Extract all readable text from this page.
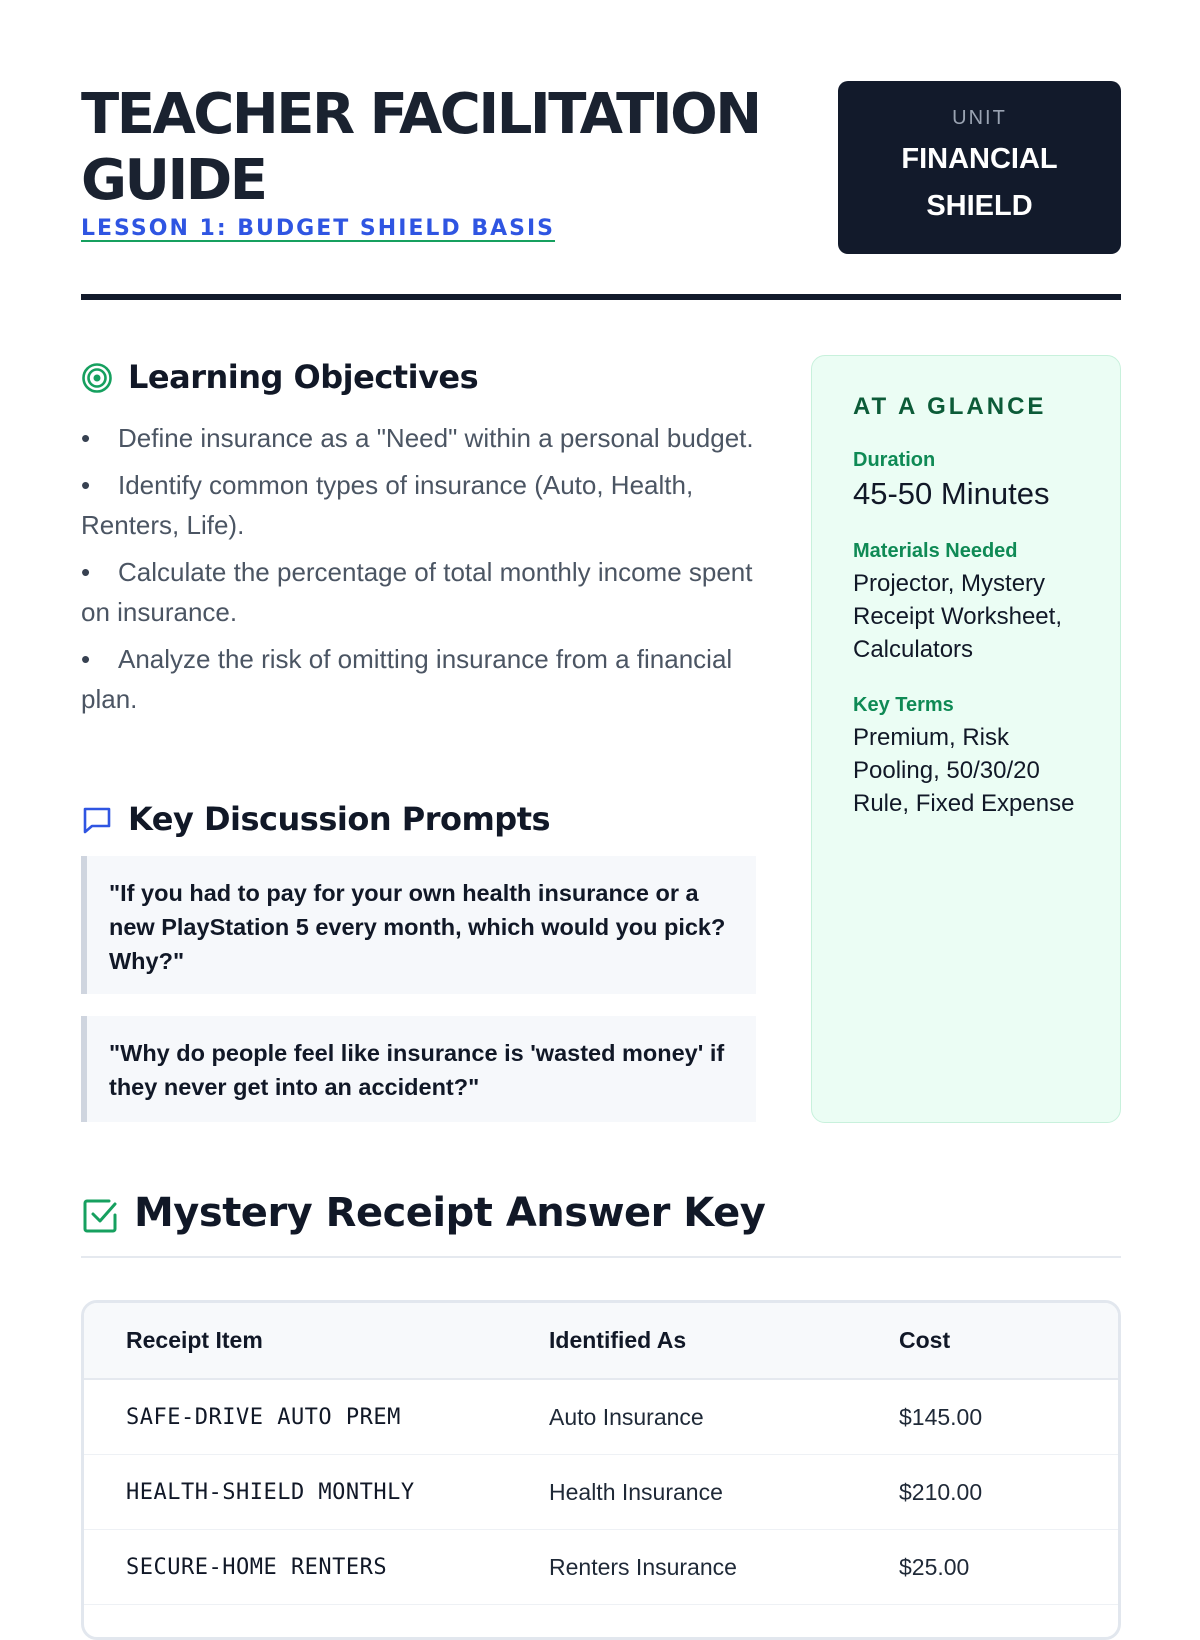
TEACHER FACILITATION
GUIDE
LESSON 1: BUDGET SHIELD BASIS
UNIT
FINANCIAL
SHIELD
Learning Objectives
• Define insurance as a "Need" within a personal budget.
• Identify common types of insurance (Auto, Health, Renters, Life).
• Calculate the percentage of total monthly income spent on insurance.
• Analyze the risk of omitting insurance from a financial plan.
Key Discussion Prompts
"If you had to pay for your own health insurance or a new PlayStation 5 every month, which would you pick? Why?"
"Why do people feel like insurance is 'wasted money' if they never get into an accident?"

AT A GLANCE

Duration

45-50 Minutes

Materials Needed

Projector, Mystery Receipt Worksheet, Calculators

Key Terms

Premium, Risk Pooling, 50/30/20 Rule, Fixed Expense

Mystery Receipt Answer Key
Receipt Item	Identified As	Cost
SAFE-DRIVE AUTO PREM	Auto Insurance	$145.00
HEALTH-SHIELD MONTHLY	Health Insurance	$210.00
SECURE-HOME RENTERS	Renters Insurance	$25.00
